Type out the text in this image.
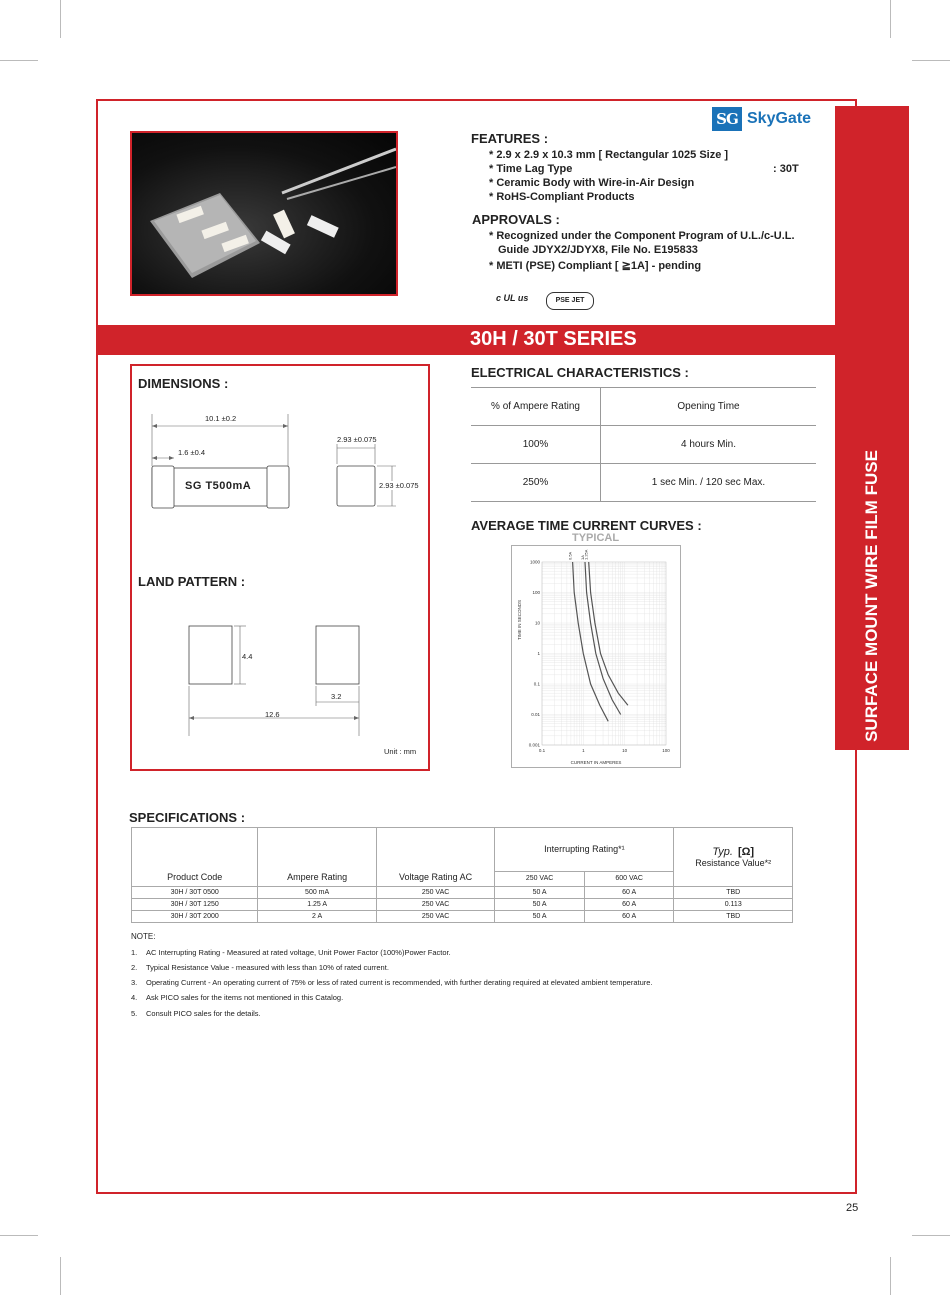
SURFACE MOUNT WIRE FILM FUSE
SG SkyGate
FEATURES :
* 2.9 x 2.9 x 10.3 mm [ Rectangular 1025 Size ]
* Time Lag Type	: 30T
* Ceramic Body with Wire-in-Air Design
* RoHS-Compliant Products
APPROVALS :
* Recognized under the Component Program of U.L./c-U.L.
Guide JDYX2/JDYX8, File No. E195833
* METI (PSE) Compliant [ ≧1A] - pending
c UL us	PSE JET
30H / 30T SERIES
DIMENSIONS :
10.1 ±0.2
1.6 ±0.4
SG T500mA
2.93 ±0.075
2.93 ±0.075
LAND PATTERN :
4.4
3.2
12.6
Unit : mm
ELECTRICAL CHARACTERISTICS :
% of Ampere Rating	Opening Time
100%	4 hours Min.
250%	1 sec Min. / 120 sec Max.
AVERAGE TIME CURRENT CURVES :
TYPICAL
0.1	1	10	100
1000
100
10
1
0.1
0.01
0.001
0.5A 1A
1.25A
CURRENT IN AMPERES
TIME IN SECONDS
SPECIFICATIONS :
Product Code	Ampere Rating	Voltage Rating AC	Interrupting Rating*¹		Typ. [Ω]
Resistance Value*²

			250 VAC	600 VAC	
30H / 30T 0500	500 mA	250 VAC	50 A	60 A	TBD
30H / 30T 1250	1.25 A	250 VAC	50 A	60 A	0.113
30H / 30T 2000	2 A	250 VAC	50 A	60 A	TBD
NOTE:
1. AC Interrupting Rating - Measured at rated voltage, Unit Power Factor (100%)Power Factor.
2. Typical Resistance Value - measured with less than 10% of rated current.
3. Operating Current - An operating current of 75% or less of rated current is recommended, with further derating required at elevated ambient temperature.
4. Ask PICO sales for the items not mentioned in this Catalog.
5. Consult PICO sales for the details.
25
